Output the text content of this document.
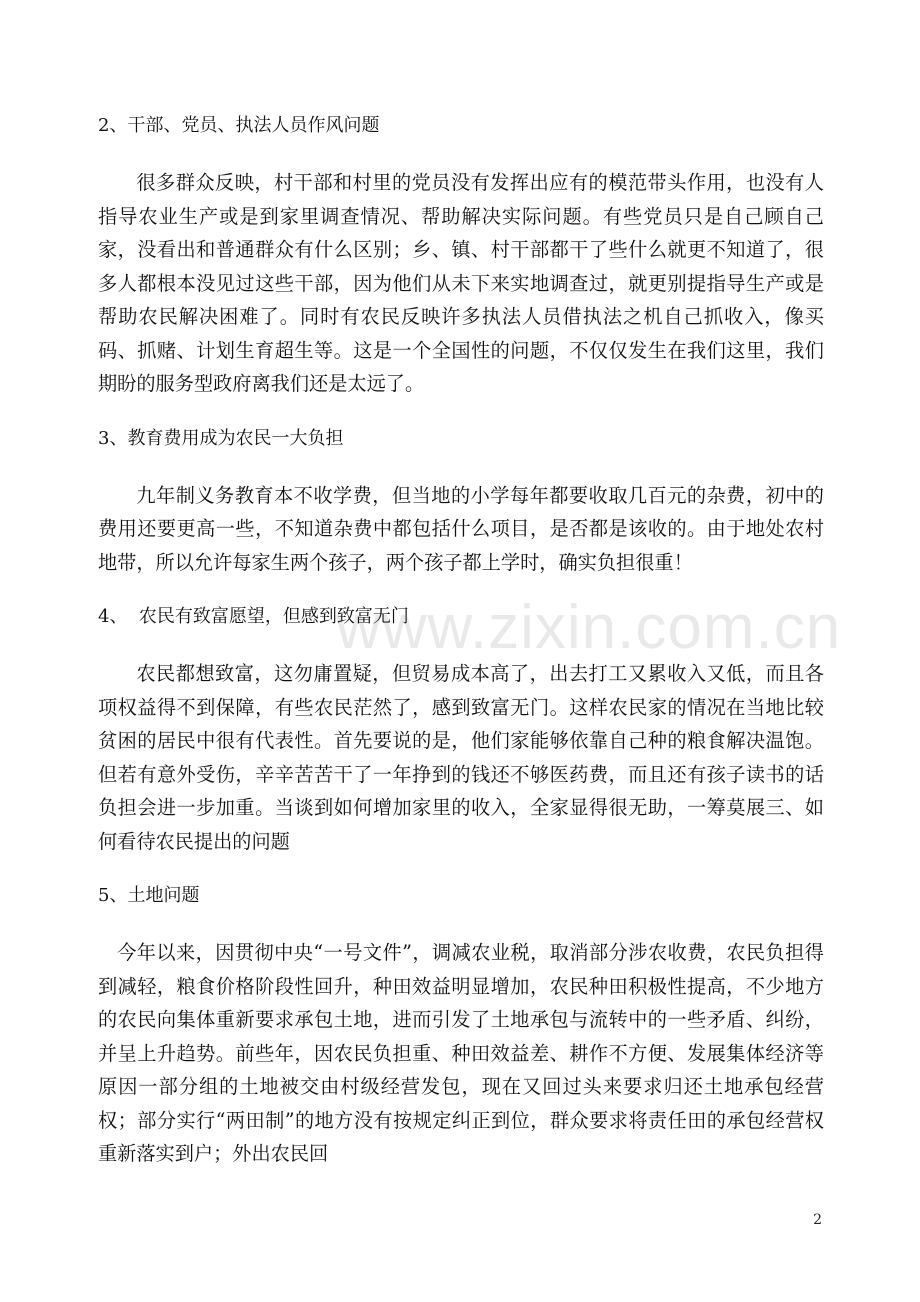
2、干部、党员、执法人员作风问题

很多群众反映，村干部和村里的党员没有发挥出应有的模范带头作用，也没有人指导农业生产或是到家里调查情况、帮助解决实际问题。有些党员只是自己顾自己家，没看出和普通群众有什么区别；乡、镇、村干部都干了些什么就更不知道了，很多人都根本没见过这些干部，因为他们从未下来实地调查过，就更别提指导生产或是帮助农民解决困难了。同时有农民反映许多执法人员借执法之机自己抓收入，像买码、抓赌、计划生育超生等。这是一个全国性的问题，不仅仅发生在我们这里，我们期盼的服务型政府离我们还是太远了。

3、教育费用成为农民一大负担

九年制义务教育本不收学费，但当地的小学每年都要收取几百元的杂费，初中的费用还要更高一些，不知道杂费中都包括什么项目，是否都是该收的。由于地处农村地带，所以允许每家生两个孩子，两个孩子都上学时，确实负担很重！

4、  农民有致富愿望，但感到致富无门

农民都想致富，这勿庸置疑，但贸易成本高了，出去打工又累收入又低，而且各项权益得不到保障，有些农民茫然了，感到致富无门。这样农民家的情况在当地比较贫困的居民中很有代表性。首先要说的是，他们家能够依靠自己种的粮食解决温饱。但若有意外受伤，辛辛苦苦干了一年挣到的钱还不够医药费，而且还有孩子读书的话负担会进一步加重。当谈到如何增加家里的收入，全家显得很无助，一筹莫展三、如何看待农民提出的问题

5、土地问题

今年以来，因贯彻中央“一号文件”，调减农业税，取消部分涉农收费，农民负担得到减轻，粮食价格阶段性回升，种田效益明显增加，农民种田积极性提高，不少地方的农民向集体重新要求承包土地，进而引发了土地承包与流转中的一些矛盾、纠纷，并呈上升趋势。前些年，因农民负担重、种田效益差、耕作不方便、发展集体经济等原因一部分组的土地被交由村级经营发包，现在又回过头来要求归还土地承包经营权；部分实行“两田制”的地方没有按规定纠正到位，群众要求将责任田的承包经营权重新落实到户；外出农民回

www.zixin.com.cn
2
